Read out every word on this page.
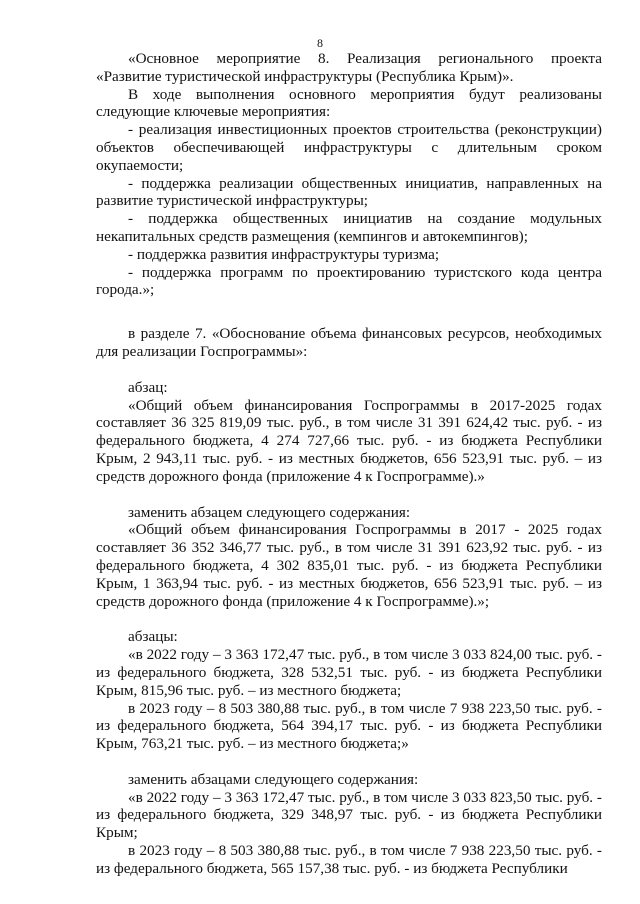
8

«Основное мероприятие 8. Реализация регионального проекта «Развитие туристической инфраструктуры (Республика Крым)».

В ходе выполнения основного мероприятия будут реализованы следующие ключевые мероприятия:

- реализация инвестиционных проектов строительства (реконструкции) объектов обеспечивающей инфраструктуры с длительным сроком окупаемости;

- поддержка реализации общественных инициатив, направленных на развитие туристической инфраструктуры;

- поддержка общественных инициатив на создание модульных некапитальных средств размещения (кемпингов и автокемпингов);

- поддержка развития инфраструктуры туризма;

- поддержка программ по проектированию туристского кода центра города.»;

в разделе 7. «Обоснование объема финансовых ресурсов, необходимых для реализации Госпрограммы»:

абзац:

«Общий объем финансирования Госпрограммы в 2017-2025 годах составляет 36 325 819,09 тыс. руб., в том числе 31 391 624,42 тыс. руб. - из федерального бюджета, 4 274 727,66 тыс. руб. - из бюджета Республики Крым, 2 943,11 тыс. руб. - из местных бюджетов, 656 523,91 тыс. руб. – из средств дорожного фонда (приложение 4 к Госпрограмме).»

заменить абзацем следующего содержания:

«Общий объем финансирования Госпрограммы в 2017 - 2025 годах составляет 36 352 346,77 тыс. руб., в том числе 31 391 623,92 тыс. руб. - из федерального бюджета, 4 302 835,01 тыс. руб. - из бюджета Республики Крым, 1 363,94 тыс. руб. - из местных бюджетов, 656 523,91 тыс. руб. – из средств дорожного фонда (приложение 4 к Госпрограмме).»;

абзацы:

«в 2022 году – 3 363 172,47 тыс. руб., в том числе 3 033 824,00 тыс. руб. - из федерального бюджета, 328 532,51 тыс. руб. - из бюджета Республики Крым, 815,96 тыс. руб. – из местного бюджета;

в 2023 году – 8 503 380,88 тыс. руб., в том числе 7 938 223,50 тыс. руб. - из федерального бюджета, 564 394,17 тыс. руб. - из бюджета Республики Крым, 763,21 тыс. руб. – из местного бюджета;»

заменить абзацами следующего содержания:

«в 2022 году – 3 363 172,47 тыс. руб., в том числе 3 033 823,50 тыс. руб. - из федерального бюджета, 329 348,97 тыс. руб. - из бюджета Республики Крым;

в 2023 году – 8 503 380,88 тыс. руб., в том числе 7 938 223,50 тыс. руб. - из федерального бюджета, 565 157,38 тыс. руб. - из бюджета Республики
